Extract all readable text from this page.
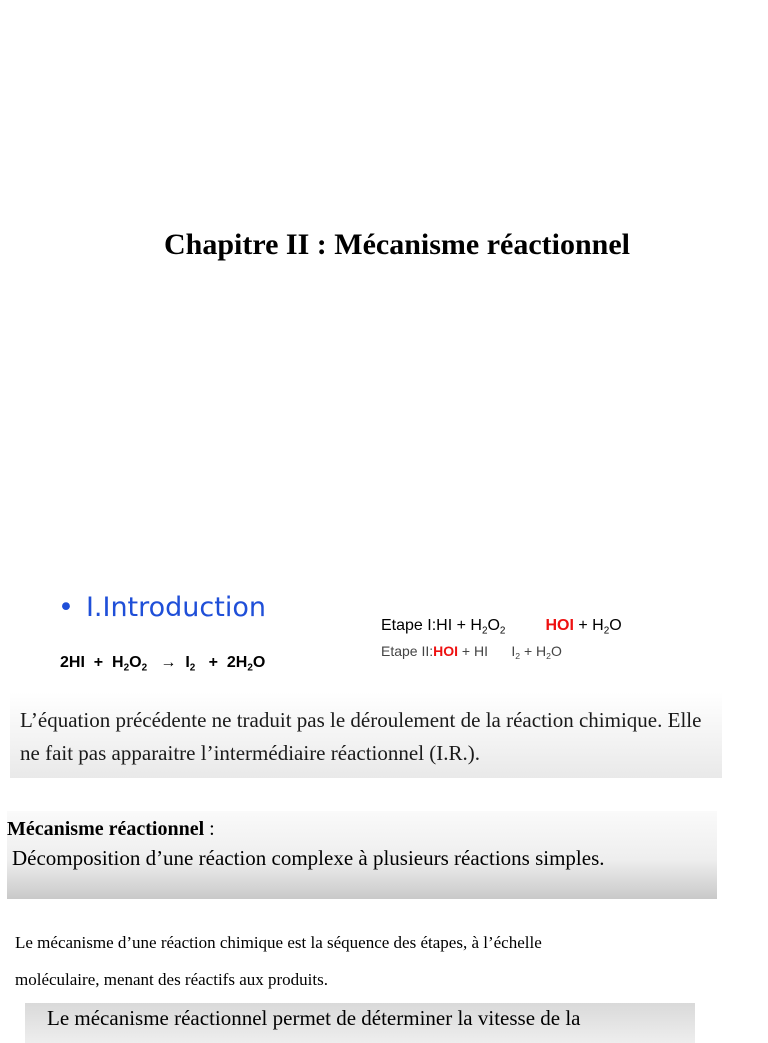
Chapitre II : Mécanisme réactionnel
• I.Introduction
$2HI + H_2O_2 \to I_2 + 2H_2O$
Etape I:HI + $H_2O_2$	HOI + $H_2O$
Etape II:HOI + HI $I_2 + H_2O$

L’équation précédente ne traduit pas le déroulement de la réaction chimique. Elle ne fait pas apparaitre l’intermédiaire réactionnel (I.R.).

Mécanisme réactionnel :
Décomposition d’une réaction complexe à plusieurs réactions simples.
Le mécanisme d’une réaction chimique est la séquence des étapes, à l’échelle
moléculaire, menant des réactifs aux produits.

Le mécanisme réactionnel permet de déterminer la vitesse de la
